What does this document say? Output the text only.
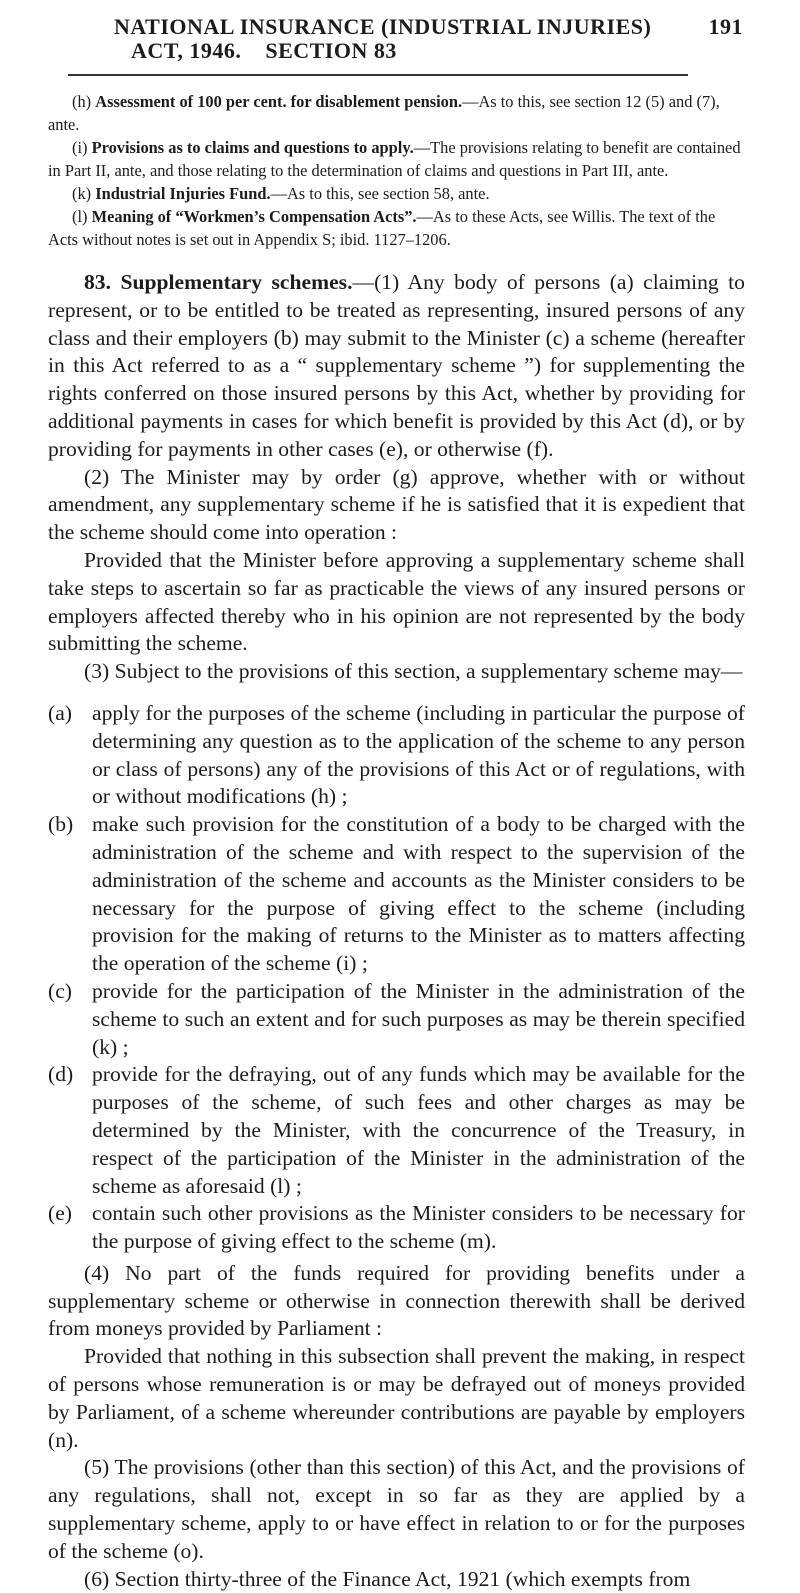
NATIONAL INSURANCE (INDUSTRIAL INJURIES)	191
ACT, 1946. SECTION 83

(h) Assessment of 100 per cent. for disablement pension.—As to this, see section 12 (5) and (7), ante.

(i) Provisions as to claims and questions to apply.—The provisions relating to benefit are contained in Part II, ante, and those relating to the determination of claims and questions in Part III, ante.

(k) Industrial Injuries Fund.—As to this, see section 58, ante.

(l) Meaning of “Workmen’s Compensation Acts”.—As to these Acts, see Willis. The text of the Acts without notes is set out in Appendix S; ibid. 1127–1206.

83. Supplementary schemes.—(1) Any body of persons (a) claiming to represent, or to be entitled to be treated as representing, insured persons of any class and their employers (b) may submit to the Minister (c) a scheme (hereafter in this Act referred to as a “ supplementary scheme ”) for supplementing the rights conferred on those insured persons by this Act, whether by providing for additional payments in cases for which benefit is provided by this Act (d), or by providing for payments in other cases (e), or otherwise (f).

(2) The Minister may by order (g) approve, whether with or without amendment, any supplementary scheme if he is satisfied that it is expedient that the scheme should come into operation :

Provided that the Minister before approving a supplementary scheme shall take steps to ascertain so far as practicable the views of any insured persons or employers affected thereby who in his opinion are not represented by the body submitting the scheme.

(3) Subject to the provisions of this section, a supplementary scheme may—

(a) apply for the purposes of the scheme (including in particular the purpose of determining any question as to the application of the scheme to any person or class of persons) any of the provisions of this Act or of regulations, with or without modifications (h) ;
(b) make such provision for the constitution of a body to be charged with the administration of the scheme and with respect to the supervision of the administration of the scheme and accounts as the Minister considers to be necessary for the purpose of giving effect to the scheme (including provision for the making of returns to the Minister as to matters affecting the operation of the scheme (i) ;
(c) provide for the participation of the Minister in the administration of the scheme to such an extent and for such purposes as may be therein specified (k) ;
(d) provide for the defraying, out of any funds which may be available for the purposes of the scheme, of such fees and other charges as may be determined by the Minister, with the concurrence of the Treasury, in respect of the participation of the Minister in the administration of the scheme as aforesaid (l) ;
(e) contain such other provisions as the Minister considers to be necessary for the purpose of giving effect to the scheme (m).

(4) No part of the funds required for providing benefits under a supplementary scheme or otherwise in connection therewith shall be derived from moneys provided by Parliament :

Provided that nothing in this subsection shall prevent the making, in respect of persons whose remuneration is or may be defrayed out of moneys provided by Parliament, of a scheme whereunder contributions are payable by employers (n).

(5) The provisions (other than this section) of this Act, and the provisions of any regulations, shall not, except in so far as they are applied by a supplementary scheme, apply to or have effect in relation to or for the purposes of the scheme (o).

(6) Section thirty-three of the Finance Act, 1921 (which exempts from
